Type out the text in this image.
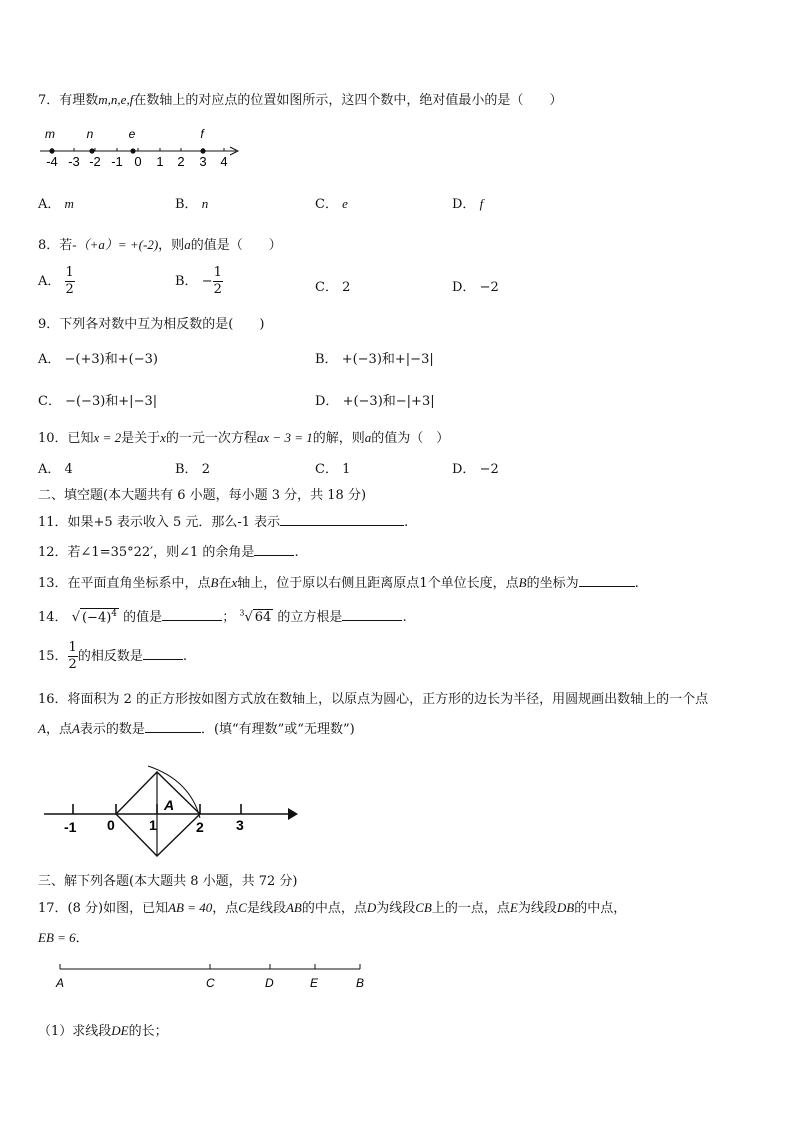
7．有理数m,n,e,f在数轴上的对应点的位置如图所示，这四个数中，绝对值最小的是（　　）
m	n	e	f
-4 -3 -2 -1 0 1 2 3 4
A． m	B． n	C． e	D． f
8．若-（+a）= +(-2)，则a的值是（　　）
A． $\frac{1}{2}$	B． − $\frac{1}{2}$	C． 2	D． −2
9．下列各对数中互为相反数的是(　　)
A． −(+3)和+(−3)	B． +(−3)和+|−3|
C． −(−3)和+|−3|	D． +(−3)和−|+3|
10．已知x = 2是关于x的一元一次方程ax − 3 = 1的解，则a的值为（　）
A． 4	B． 2	C． 1	D． −2
二、填空题(本大题共有 6 小题，每小题 3 分，共 18 分)
11．如果+5 表示收入 5 元．那么-1 表示	.
12．若∠1=35°22′，则∠1 的余角是	.
13．在平面直角坐标系中，点B在x轴上，位于原以右侧且距离原点1个单位长度，点B的坐标为	.
14． √ $(-4)^4$ 的值是	； $^3$√ 64 的立方根是	.
15． $\frac{1}{2}$ 的相反数是	.
16．将面积为 2 的正方形按如图方式放在数轴上，以原点为圆心，正方形的边长为半径，用圆规画出数轴上的一个点
A，点A表示的数是	．(填“有理数”或“无理数”)
-1 0 1	2 3
A
三、解下列各题(本大题共 8 小题，共 72 分)
17．(8 分)如图，已知AB = 40，点C是线段AB的中点，点D为线段CB上的一点，点E为线段DB的中点，
EB = 6．
A	C	D	E	B
（1）求线段DE的长；
